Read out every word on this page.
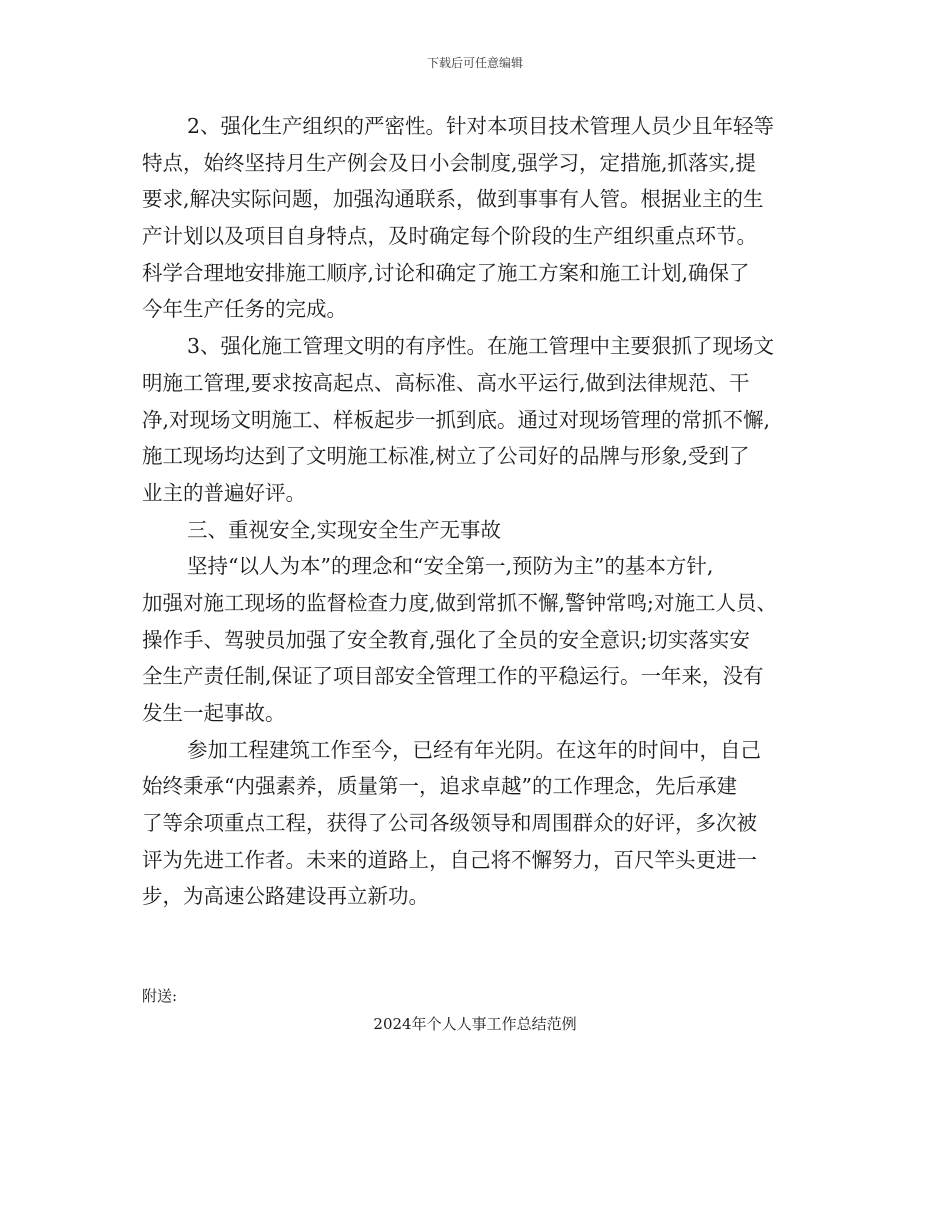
下载后可任意编辑
2、强化生产组织的严密性。针对本项目技术管理人员少且年轻等
特点，始终坚持月生产例会及日小会制度,强学习，定措施,抓落实,提
要求,解决实际问题，加强沟通联系，做到事事有人管。根据业主的生
产计划以及项目自身特点，及时确定每个阶段的生产组织重点环节。
科学合理地安排施工顺序,讨论和确定了施工方案和施工计划,确保了
今年生产任务的完成。
3、强化施工管理文明的有序性。在施工管理中主要狠抓了现场文
明施工管理,要求按高起点、高标准、高水平运行,做到法律规范、干
净,对现场文明施工、样板起步一抓到底。通过对现场管理的常抓不懈,
施工现场均达到了文明施工标准,树立了公司好的品牌与形象,受到了
业主的普遍好评。
三、重视安全,实现安全生产无事故
坚持“以人为本”的理念和“安全第一,预防为主”的基本方针,
加强对施工现场的监督检查力度,做到常抓不懈,警钟常鸣;对施工人员、
操作手、驾驶员加强了安全教育,强化了全员的安全意识;切实落实安
全生产责任制,保证了项目部安全管理工作的平稳运行。一年来，没有
发生一起事故。
参加工程建筑工作至今，已经有年光阴。在这年的时间中，自己
始终秉承“内强素养，质量第一，追求卓越”的工作理念，先后承建
了等余项重点工程，获得了公司各级领导和周围群众的好评，多次被
评为先进工作者。未来的道路上，自己将不懈努力，百尺竿头更进一
步，为高速公路建设再立新功。
附送:
2024年个人人事工作总结范例
